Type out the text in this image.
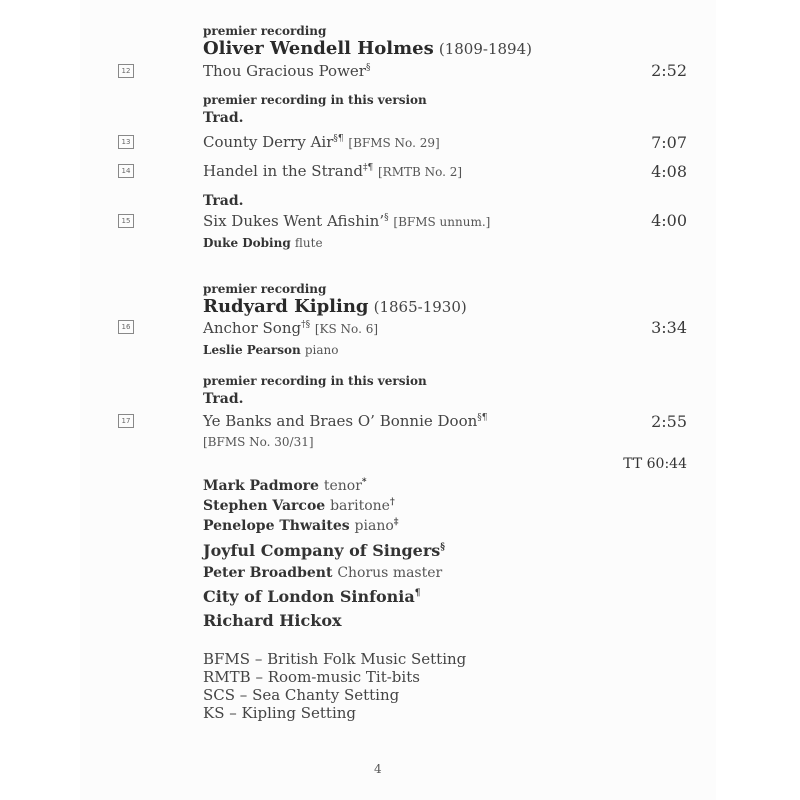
premier recording
Oliver Wendell Holmes (1809-1894)
12	Thou Gracious Power§	2:52
premier recording in this version
Trad.
13	County Derry Air§¶ [BFMS No. 29]	7:07
14	Handel in the Strand‡¶ [RMTB No. 2]	4:08
Trad.
15	Six Dukes Went Afishin’§ [BFMS unnum.]	4:00
Duke Dobing flute
premier recording
Rudyard Kipling (1865-1930)
16	Anchor Song†§ [KS No. 6]	3:34
Leslie Pearson piano
premier recording in this version
Trad.
17	Ye Banks and Braes O’ Bonnie Doon§¶	2:55
[BFMS No. 30/31]
TT 60:44
Mark Padmore tenor*
Stephen Varcoe baritone†
Penelope Thwaites piano‡
Joyful Company of Singers§
Peter Broadbent Chorus master
City of London Sinfonia¶
Richard Hickox
BFMS – British Folk Music Setting
RMTB – Room-music Tit-bits
SCS – Sea Chanty Setting
KS – Kipling Setting
4
